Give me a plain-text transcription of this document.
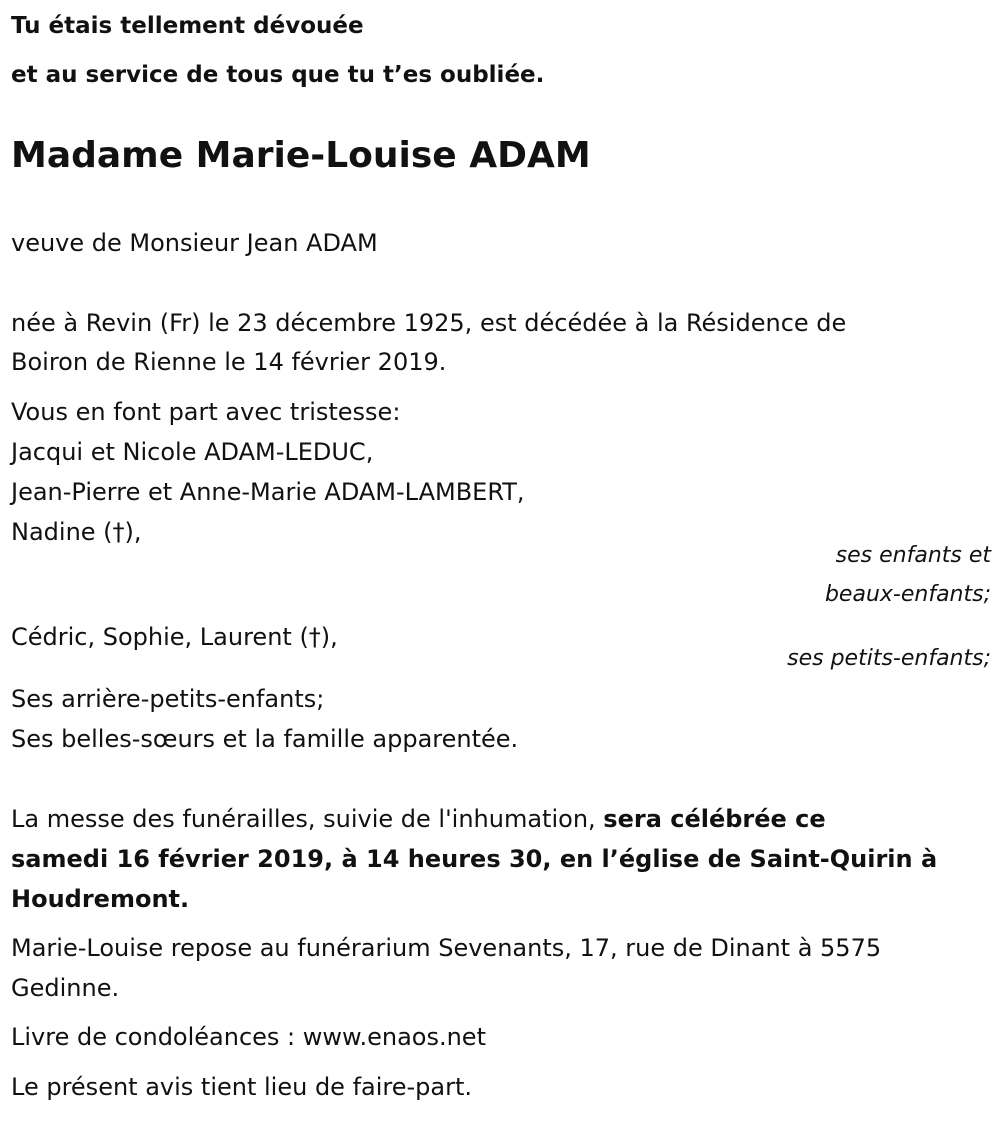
Tu étais tellement dévouée
et au service de tous que tu t’es oubliée.
Madame Marie-Louise ADAM
veuve de Monsieur Jean ADAM
née à Revin (Fr) le 23 décembre 1925, est décédée à la Résidence de
Boiron de Rienne le 14 février 2019.
Vous en font part avec tristesse:
Jacqui et Nicole ADAM-LEDUC,
Jean-Pierre et Anne-Marie ADAM-LAMBERT,
Nadine (†),
ses enfants et
beaux-enfants;
Cédric, Sophie, Laurent (†),
ses petits-enfants;
Ses arrière-petits-enfants;
Ses belles-sœurs et la famille apparentée.
La messe des funérailles, suivie de l'inhumation, sera célébrée ce
samedi 16 février 2019, à 14 heures 30, en l’église de Saint-Quirin à
Houdremont.
Marie-Louise repose au funérarium Sevenants, 17, rue de Dinant à 5575
Gedinne.
Livre de condoléances : www.enaos.net
Le présent avis tient lieu de faire-part.
